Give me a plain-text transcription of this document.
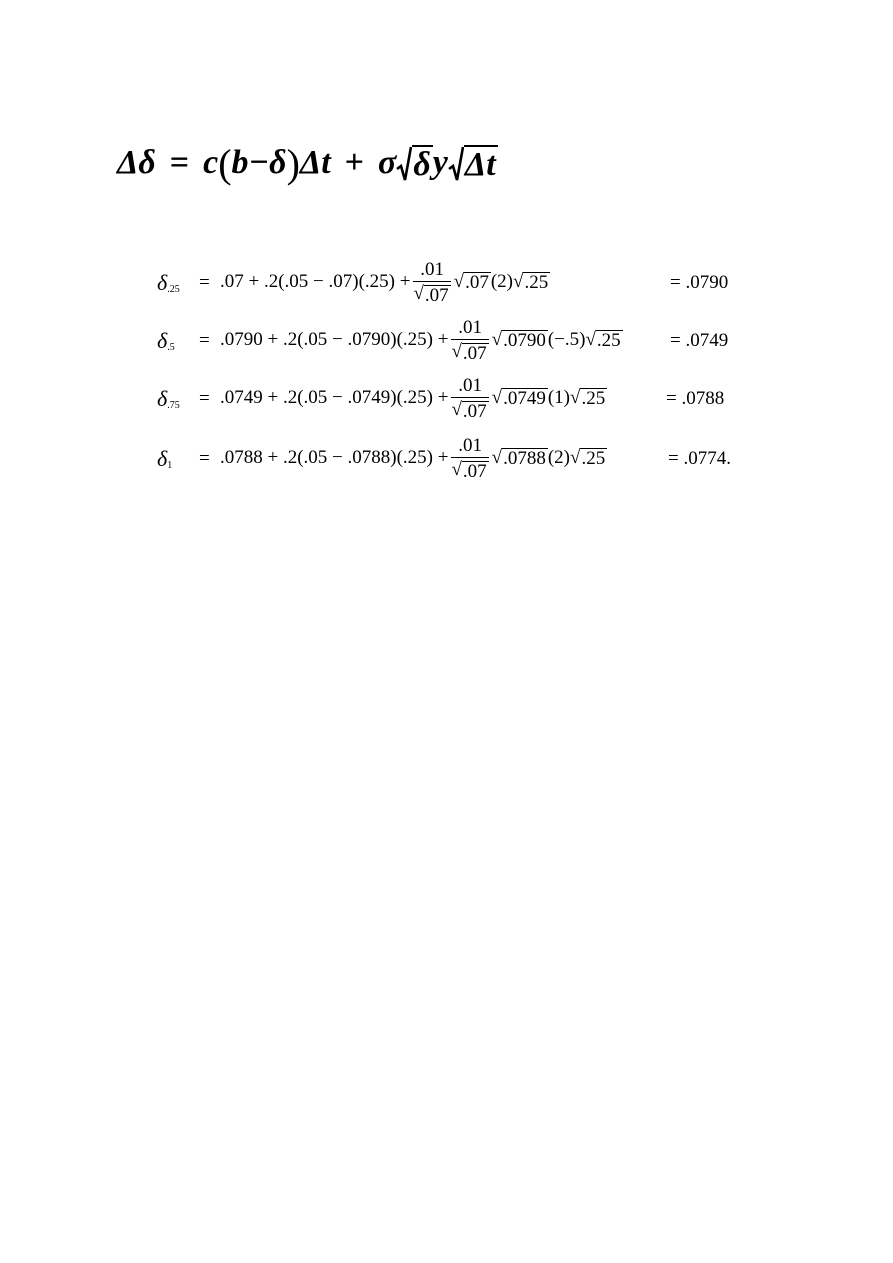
Δδ = c ( b−δ ) Δt + σ δ y Δt
$\delta_{.25} = .07 + .2(.05 - .07)(.25) + \frac{.01}{√ .07}$ √ .07 (2) √ .25	= .0790
$\delta_{.5} = .0790 + .2(.05 - .0790)(.25) + \frac{.01}{√ .07}$ √ .0790 (−.5) √ .25	= .0749
$\delta_{.75} = .0749 + .2(.05 - .0749)(.25) + \frac{.01}{√ .07}$ √ .0749 (1) √ .25	= .0788
$\delta_1 = .0788 + .2(.05 - .0788)(.25) + \frac{.01}{√ .07}$ √ .0788 (2) √ .25	= .0774.
